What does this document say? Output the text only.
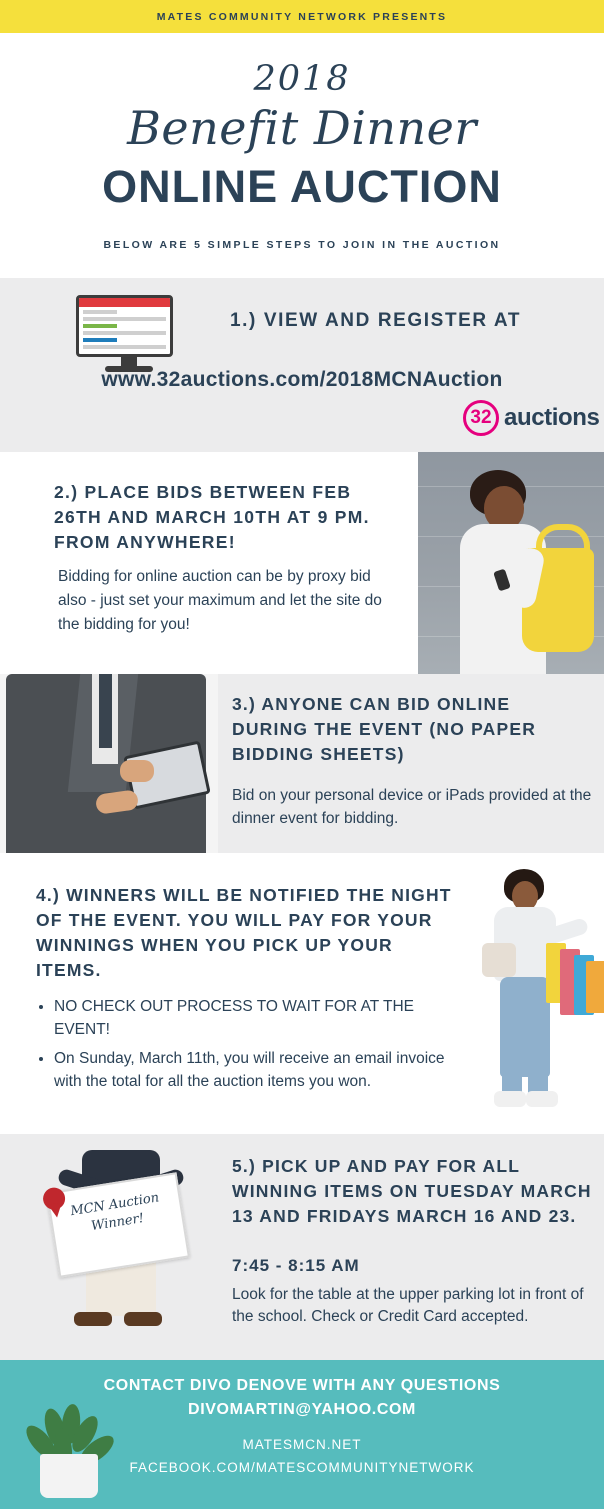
MATES COMMUNITY NETWORK PRESENTS
2018
Benefit Dinner
ONLINE AUCTION
BELOW ARE 5 SIMPLE STEPS TO JOIN IN THE AUCTION
1.) VIEW AND REGISTER AT
www.32auctions.com/2018MCNAuction
32 auctions
2.) PLACE BIDS BETWEEN FEB 26TH AND MARCH 10TH AT 9 PM. FROM ANYWHERE!
Bidding for online auction can be by proxy bid also - just set your maximum and let the site do the bidding for you!
3.) ANYONE CAN BID ONLINE DURING THE EVENT (NO PAPER BIDDING SHEETS)
Bid on your personal device or iPads provided at the dinner event for bidding.
4.) WINNERS WILL BE NOTIFIED THE NIGHT OF THE EVENT. YOU WILL PAY FOR YOUR WINNINGS WHEN YOU PICK UP YOUR ITEMS.
• NO CHECK OUT PROCESS TO WAIT FOR AT THE EVENT!
• On Sunday, March 11th, you will receive an email invoice with the total for all the auction items you won.
MCN Auction Winner!
5.) PICK UP AND PAY FOR ALL WINNING ITEMS ON TUESDAY MARCH 13 AND FRIDAYS MARCH 16 AND 23.
7:45 - 8:15 AM
Look for the table at the upper parking lot in front of the school. Check or Credit Card accepted.
CONTACT DIVO DENOVE WITH ANY QUESTIONS
DIVOMARTIN@YAHOO.COM
MATESMCN.NET
FACEBOOK.COM/MATESCOMMUNITYNETWORK
